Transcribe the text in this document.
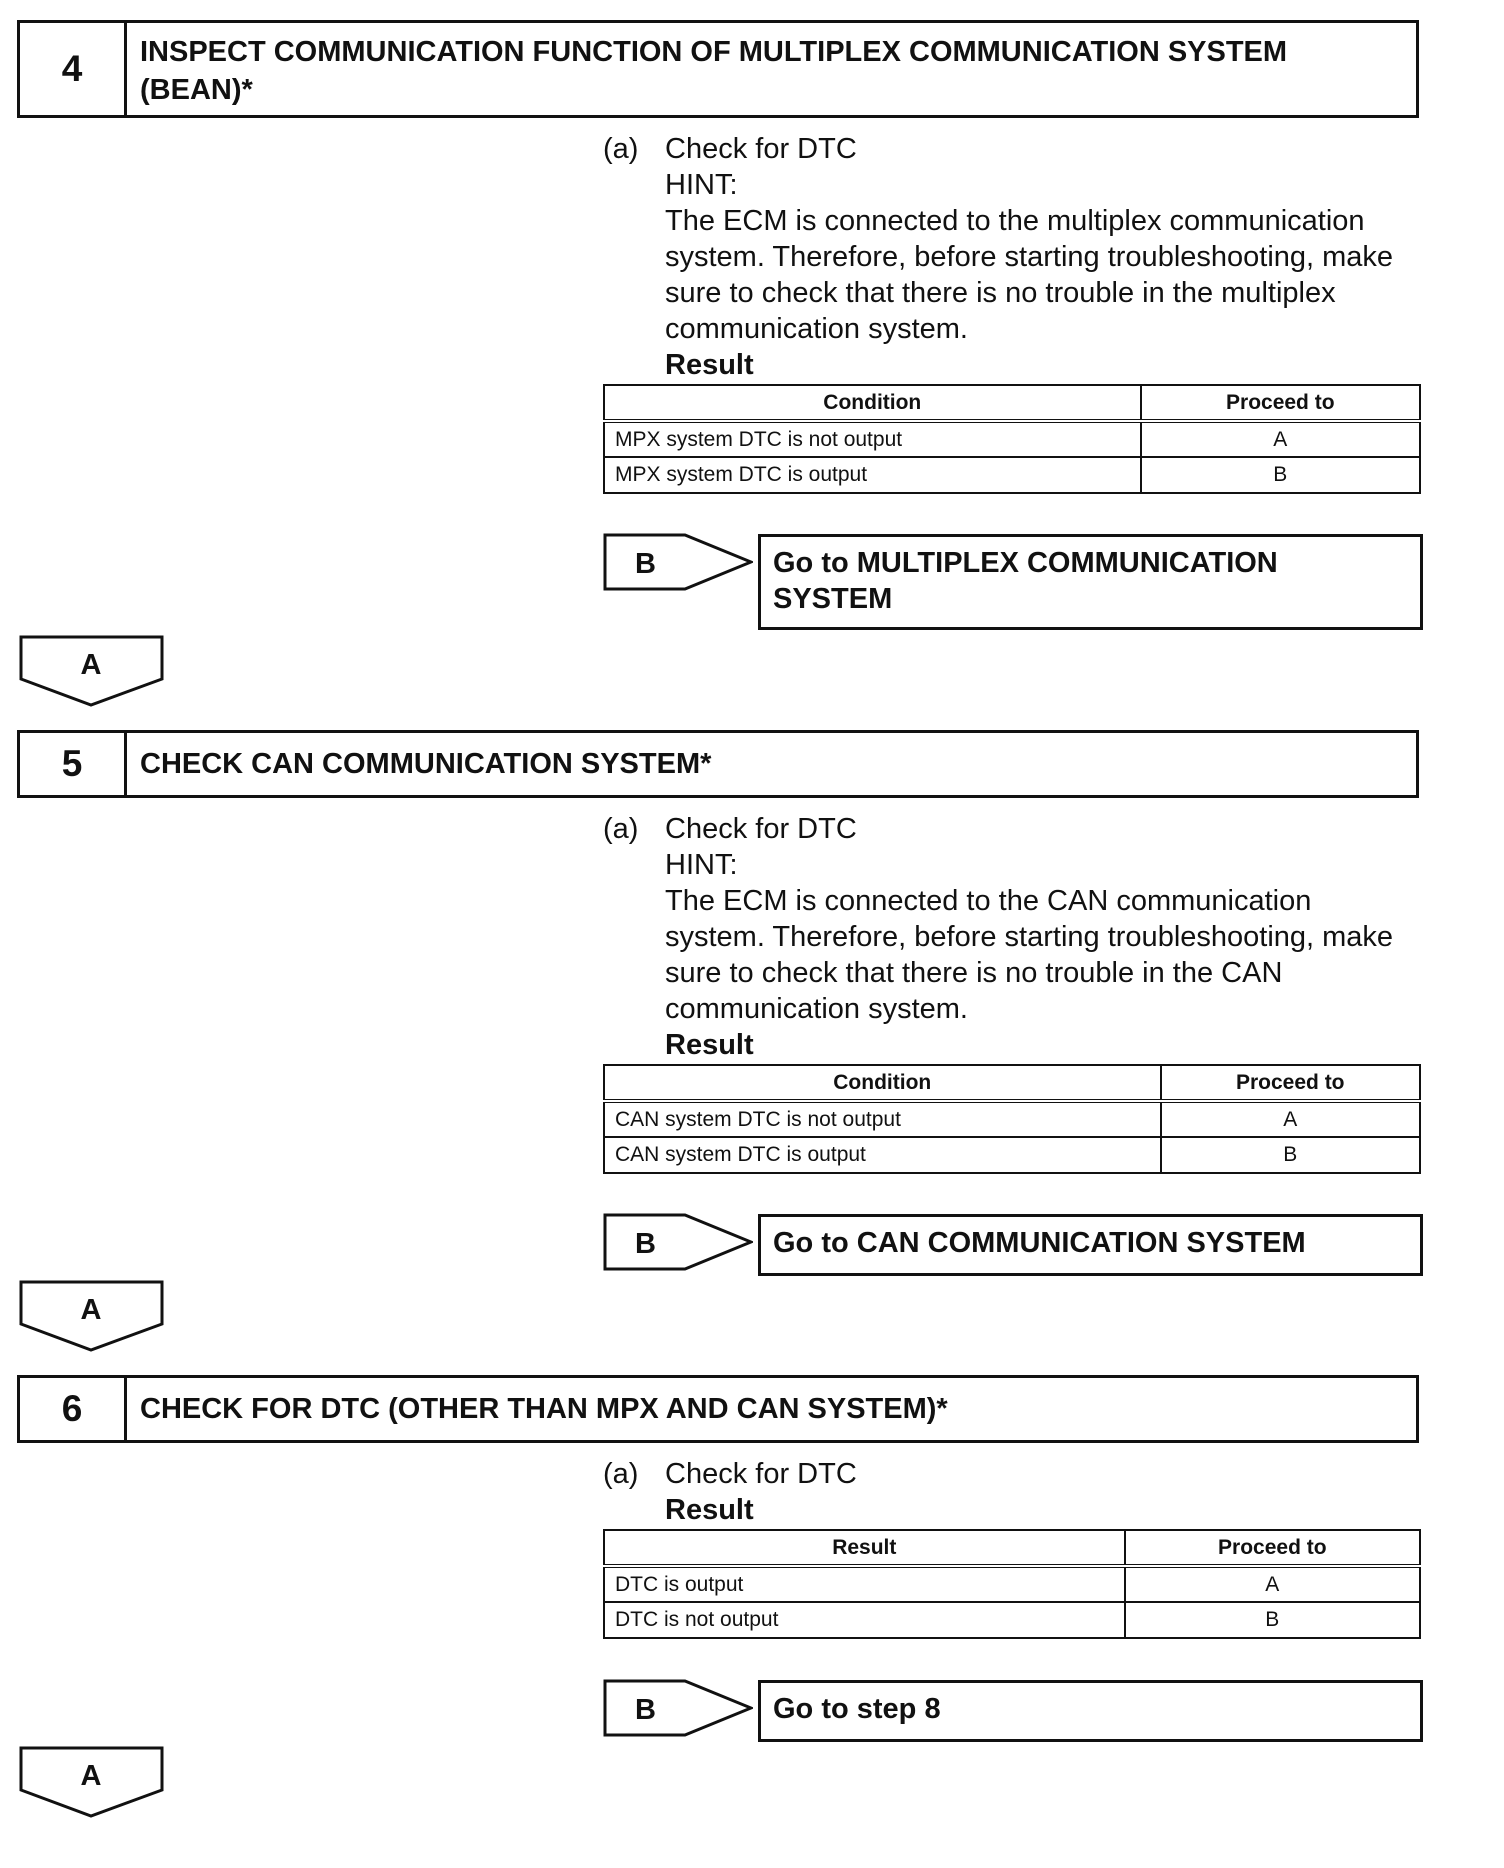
4	INSPECT COMMUNICATION FUNCTION OF MULTIPLEX COMMUNICATION SYSTEM
(BEAN)*
(a) Check for DTC
HINT:
The ECM is connected to the multiplex communication
system. Therefore, before starting troubleshooting, make
sure to check that there is no trouble in the multiplex
communication system.
Result
Condition	Proceed to
MPX system DTC is not output	A
MPX system DTC is output	B
B	Go to MULTIPLEX COMMUNICATION
SYSTEM
A
5	CHECK CAN COMMUNICATION SYSTEM*
(a) Check for DTC
HINT:
The ECM is connected to the CAN communication
system. Therefore, before starting troubleshooting, make
sure to check that there is no trouble in the CAN
communication system.
Result
Condition	Proceed to
CAN system DTC is not output	A
CAN system DTC is output	B
B	Go to CAN COMMUNICATION SYSTEM
A
6	CHECK FOR DTC (OTHER THAN MPX AND CAN SYSTEM)*
(a) Check for DTC
Result
Result	Proceed to
DTC is output	A
DTC is not output	B
B	Go to step 8
A
